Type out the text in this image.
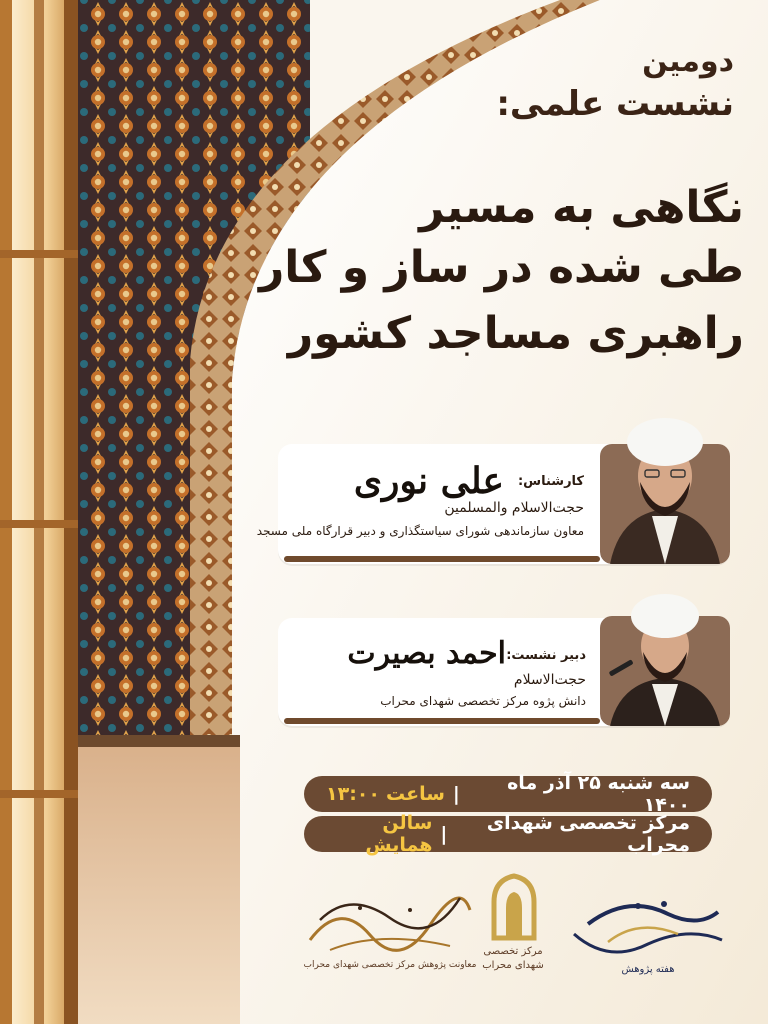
دومین
نشست علمی:
نگاهی به مسیر
طی شده در ساز و کار
راهبری مساجد کشور
کارشناس:
علی نوری
حجت‌الاسلام والمسلمین
معاون سازماندهی شورای سیاستگذاری و دبیر قرارگاه ملی مسجد
دبیر نشست:
احمد بصیرت
حجت‌الاسلام
دانش پژوه مرکز تخصصی شهدای محراب
سه شنبه ۲۵ آذر ماه ۱۴۰۰
|
ساعت
۱۳:۰۰
مرکز تخصصی شهدای محراب
|
سالن همایش
معاونت پژوهش مرکز تخصصی شهدای محراب
مرکز تخصصی
شهدای محراب	هفته پژوهش
